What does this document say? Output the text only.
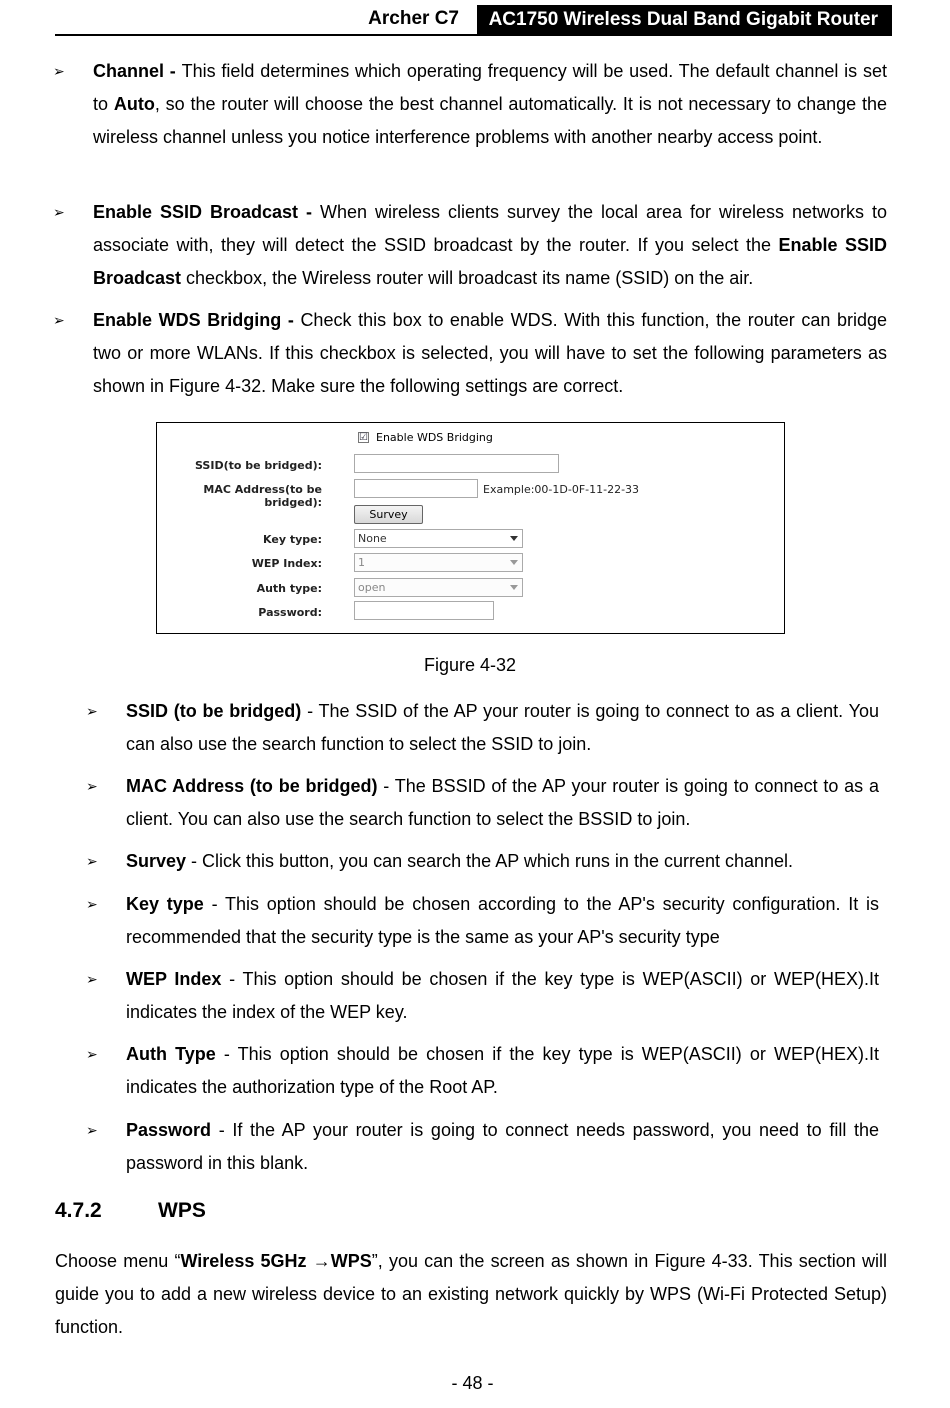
Archer C7	AC1750 Wireless Dual Band Gigabit Router
➢ Channel - This field determines which operating frequency will be used. The default channel is set to Auto, so the router will choose the best channel automatically. It is not necessary to change the wireless channel unless you notice interference problems with another nearby access point.
➢ Enable SSID Broadcast - When wireless clients survey the local area for wireless networks to associate with, they will detect the SSID broadcast by the router. If you select the Enable SSID Broadcast checkbox, the Wireless router will broadcast its name (SSID) on the air.
➢ Enable WDS Bridging - Check this box to enable WDS. With this function, the router can bridge two or more WLANs. If this checkbox is selected, you will have to set the following parameters as shown in Figure 4-32. Make sure the following settings are correct.
☑ Enable WDS Bridging
SSID(to be bridged):
MAC Address(to be bridged):
Example:00-1D-0F-11-22-33
Survey
Key type:	None
WEP Index:	1
Auth type:	open
Password:
Figure 4-32
➢ SSID (to be bridged) - The SSID of the AP your router is going to connect to as a client. You can also use the search function to select the SSID to join.
➢ MAC Address (to be bridged) - The BSSID of the AP your router is going to connect to as a client. You can also use the search function to select the BSSID to join.
➢ Survey - Click this button, you can search the AP which runs in the current channel.
➢ Key type - This option should be chosen according to the AP's security configuration. It is recommended that the security type is the same as your AP's security type
➢ WEP Index - This option should be chosen if the key type is WEP(ASCII) or WEP(HEX).It indicates the index of the WEP key.
➢ Auth Type - This option should be chosen if the key type is WEP(ASCII) or WEP(HEX).It indicates the authorization type of the Root AP.
➢ Password - If the AP your router is going to connect needs password, you need to fill the password in this blank.
4.7.2	WPS
Choose menu “Wireless 5GHz →WPS”, you can the screen as shown in Figure 4-33. This section will guide you to add a new wireless device to an existing network quickly by WPS (Wi-Fi Protected Setup) function.
- 48 -
